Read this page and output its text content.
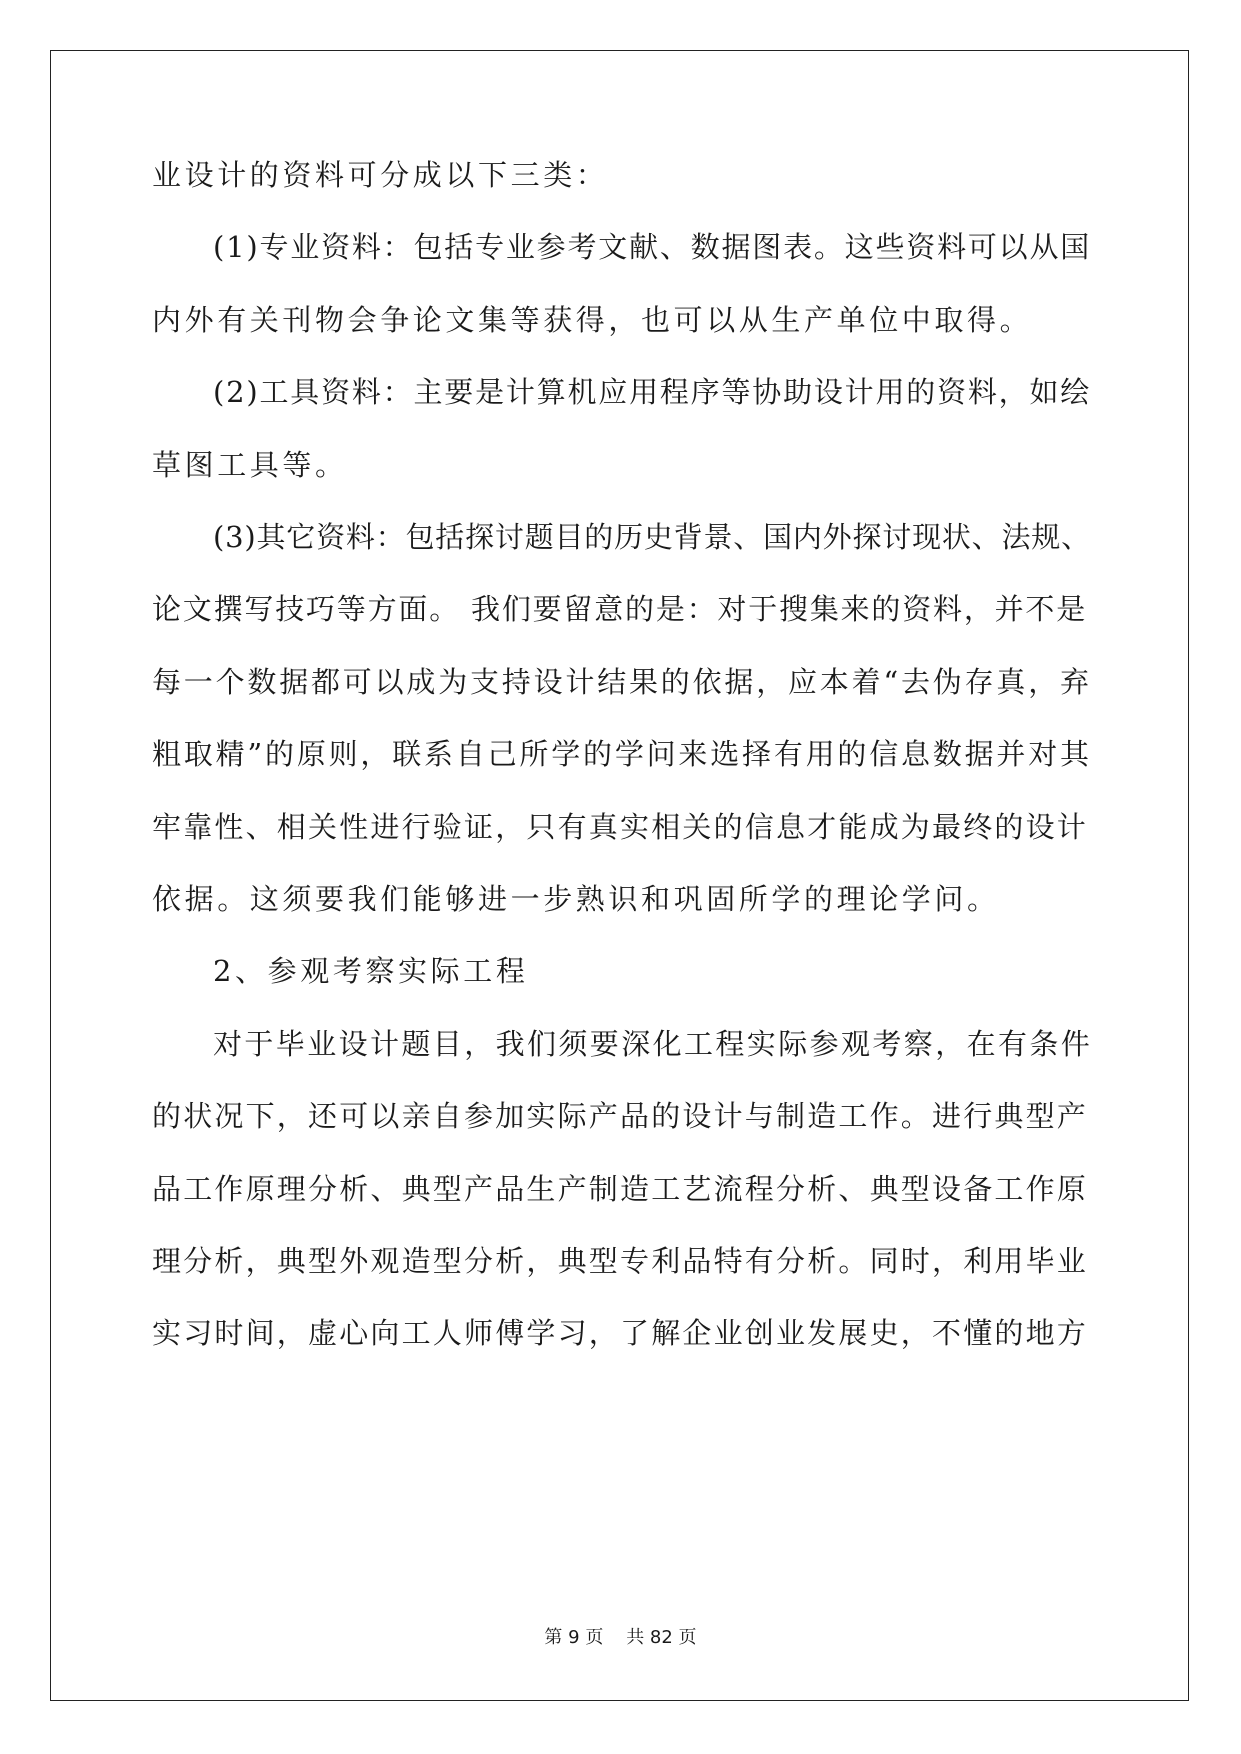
业设计的资料可分成以下三类：

(1)专业资料：包括专业参考文献、数据图表。这些资料可以从国

内外有关刊物会争论文集等获得，也可以从生产单位中取得。

(2)工具资料：主要是计算机应用程序等协助设计用的资料，如绘

草图工具等。

(3)其它资料：包括探讨题目的历史背景、国内外探讨现状、法规、

论文撰写技巧等方面。 我们要留意的是：对于搜集来的资料，并不是

每一个数据都可以成为支持设计结果的依据，应本着“去伪存真，弃

粗取精”的原则，联系自己所学的学问来选择有用的信息数据并对其

牢靠性、相关性进行验证，只有真实相关的信息才能成为最终的设计

依据。这须要我们能够进一步熟识和巩固所学的理论学问。

2、参观考察实际工程

对于毕业设计题目，我们须要深化工程实际参观考察，在有条件

的状况下，还可以亲自参加实际产品的设计与制造工作。进行典型产

品工作原理分析、典型产品生产制造工艺流程分析、典型设备工作原

理分析，典型外观造型分析，典型专利品特有分析。同时，利用毕业

实习时间，虚心向工人师傅学习，了解企业创业发展史，不懂的地方

第 9 页    共 82 页
